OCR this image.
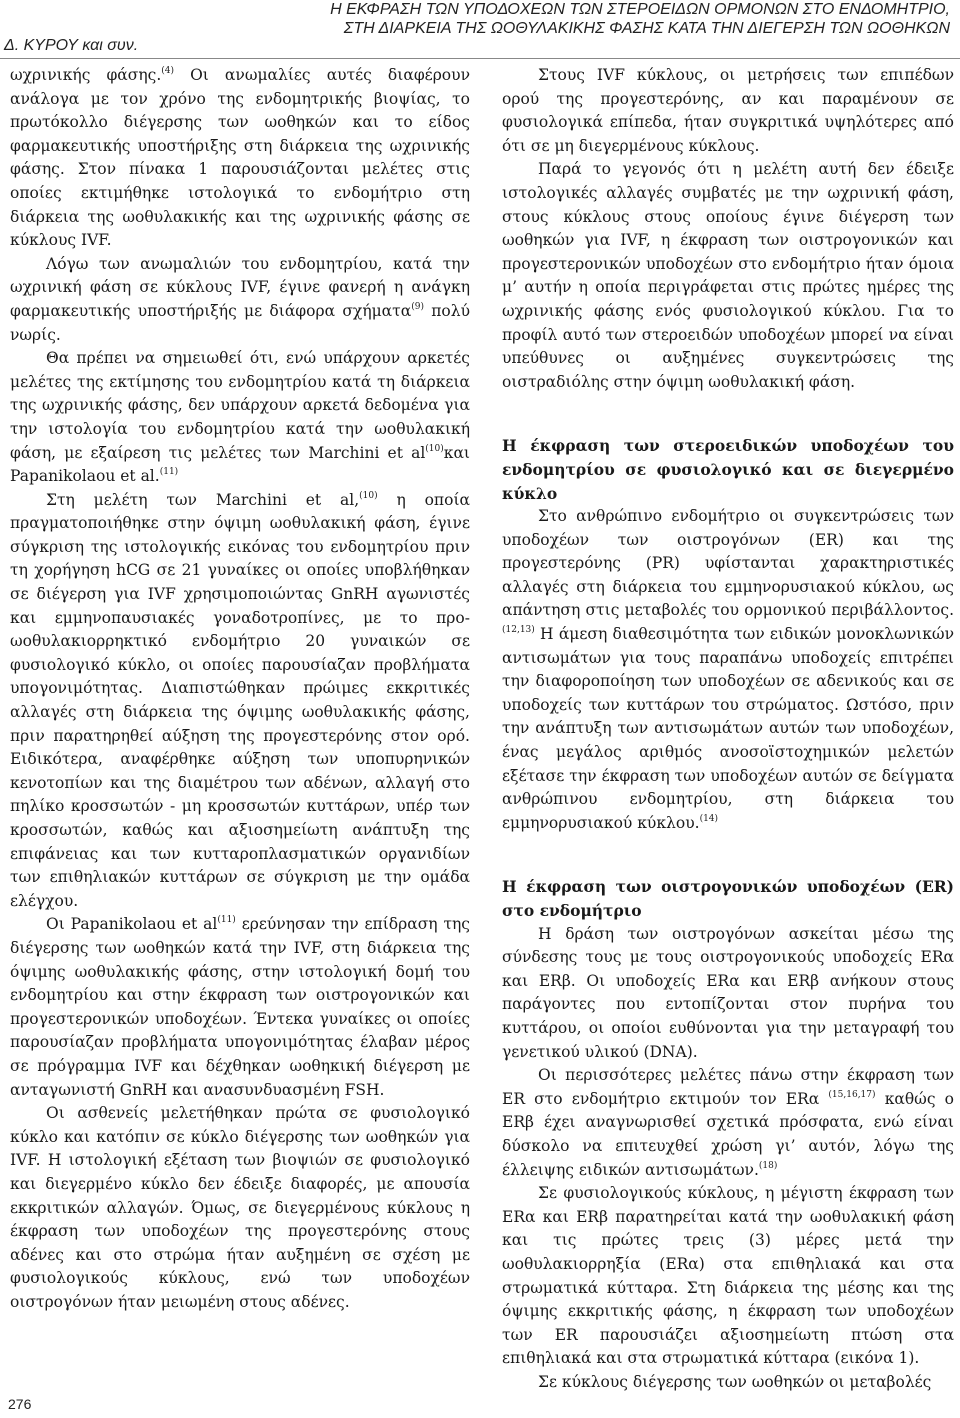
Δ. ΚΥΡΟΥ και συν.
Η ΕΚΦΡΑΣΗ ΤΩΝ ΥΠΟΔΟΧΕΩΝ ΤΩΝ ΣΤΕΡΟΕΙΔΩΝ ΟΡΜΟΝΩΝ ΣΤΟ ΕΝΔΟΜΗΤΡΙΟ,
ΣΤΗ ΔΙΑΡΚΕΙΑ ΤΗΣ ΩΟΘΥΛΑΚΙΚΗΣ ΦΑΣΗΣ ΚΑΤΑ ΤΗΝ ΔΙΕΓΕΡΣΗ ΤΩΝ ΩΟΘΗΚΩΝ

ωχρινικής φάσης.$^{(4)}$ Οι ανωμαλίες αυτές διαφέρουν ανάλογα με τον χρόνο της ενδομητρικής βιοψίας, το πρωτόκολλο διέγερσης των ωοθηκών και το είδος φαρμακευτικής υποστήριξης στη διάρκεια της ωχρινικής φάσης. Στον πίνακα 1 παρουσιάζονται μελέτες στις οποίες εκτιμήθηκε ιστολογικά το ενδομήτριο στη διάρκεια της ωοθυλακικής και της ωχρινικής φάσης σε κύκλους IVF.

Λόγω των ανωμαλιών του ενδομητρίου, κατά την ωχρινική φάση σε κύκλους IVF, έγινε φανερή η ανάγκη φαρμακευτικής υποστήριξής με διάφορα σχήματα$^{(9)}$ πολύ νωρίς.

Θα πρέπει να σημειωθεί ότι, ενώ υπάρχουν αρκετές μελέτες της εκτίμησης του ενδομητρίου κατά τη διάρκεια της ωχρινικής φάσης, δεν υπάρχουν αρκετά δεδομένα για την ιστολογία του ενδομητρίου κατά την ωοθυλακική φάση, με εξαίρεση τις μελέτες των Marchini et $al^{(10)}\kappa\alpha\iota$ Papanikolaou et al.$^{(11)}$

Στη μελέτη των Marchini et al,$^{(10)}$ η οποία πραγματοποιήθηκε στην όψιμη ωοθυλακική φάση, έγινε σύγκριση της ιστολογικής εικόνας του ενδομητρίου πριν τη χορήγηση hCG σε 21 γυναίκες οι οποίες υποβλήθηκαν σε διέγερση για IVF χρησιμοποιώντας GnRH αγωνιστές και εμμηνοπαυσιακές γοναδοτροπίνες, με το προ-ωοθυλακιορρηκτικό ενδομήτριο 20 γυναικών σε φυσιολογικό κύκλο, οι οποίες παρουσίαζαν προβλήματα υπογονιμότητας. Διαπιστώθηκαν πρώιμες εκκριτικές αλλαγές στη διάρκεια της όψιμης ωοθυλακικής φάσης, πριν παρατηρηθεί αύξηση της προγεστερόνης στον ορό. Ειδικότερα, αναφέρθηκε αύξηση των υποπυρηνικών κενοτοπίων και της διαμέτρου των αδένων, αλλαγή στο πηλίκο κροσσωτών - μη κροσσωτών κυττάρων, υπέρ των κροσσωτών, καθώς και αξιοσημείωτη ανάπτυξη της επιφάνειας και των κυτταροπλασματικών οργανιδίων των επιθηλιακών κυττάρων σε σύγκριση με την ομάδα ελέγχου.

Οι Papanikolaou et $al^{(11)}$ ερεύνησαν την επίδραση της διέγερσης των ωοθηκών κατά την IVF, στη διάρκεια της όψιμης ωοθυλακικής φάσης, στην ιστολογική δομή του ενδομητρίου και στην έκφραση των οιστρογονικών και προγεστερονικών υποδοχέων. Έντεκα γυναίκες οι οποίες παρουσίαζαν προβλήματα υπογονιμότητας έλαβαν μέρος σε πρόγραμμα IVF και δέχθηκαν ωοθηκική διέγερση με ανταγωνιστή GnRH και ανασυνδυασμένη FSH.

Οι ασθενείς μελετήθηκαν πρώτα σε φυσιολογικό κύκλο και κατόπιν σε κύκλο διέγερσης των ωοθηκών για IVF. Η ιστολογική εξέταση των βιοψιών σε φυσιολογικό και διεγερμένο κύκλο δεν έδειξε διαφορές, με απουσία εκκριτικών αλλαγών. Όμως, σε διεγερμένους κύκλους η έκφραση των υποδοχέων της προγεστερόνης στους αδένες και στο στρώμα ήταν αυξημένη σε σχέση με φυσιολογικούς κύκλους, ενώ των υποδοχέων οιστρογόνων ήταν μειωμένη στους αδένες.

Στους IVF κύκλους, οι μετρήσεις των επιπέδων ορού της προγεστερόνης, αν και παραμένουν σε φυσιολογικά επίπεδα, ήταν συγκριτικά υψηλότερες από ότι σε μη διεγερμένους κύκλους.

Παρά το γεγονός ότι η μελέτη αυτή δεν έδειξε ιστολογικές αλλαγές συμβατές με την ωχρινική φάση, στους κύκλους στους οποίους έγινε διέγερση των ωοθηκών για IVF, η έκφραση των οιστρογονικών και προγεστερονικών υποδοχέων στο ενδομήτριο ήταν όμοια μ’ αυτήν η οποία περιγράφεται στις πρώτες ημέρες της ωχρινικής φάσης ενός φυσιολογικού κύκλου. Για το προφίλ αυτό των στεροειδών υποδοχέων μπορεί να είναι υπεύθυνες οι αυξημένες συγκεντρώσεις της οιστραδιόλης στην όψιμη ωοθυλακική φάση.

Η έκφραση των στεροειδικών υποδοχέων του ενδομητρίου σε φυσιολογικό και σε διεγερμένο κύκλο

Στο ανθρώπινο ενδομήτριο οι συγκεντρώσεις των υποδοχέων των οιστρογόνων (ER) και της προγεστερόνης (PR) υφίστανται χαρακτηριστικές αλλαγές στη διάρκεια του εμμηνορυσιακού κύκλου, ως απάντηση στις μεταβολές του ορμονικού περιβάλλοντος.$^{(12,13)}$ Η άμεση διαθεσιμότητα των ειδικών μονοκλωνικών αντισωμάτων για τους παραπάνω υποδοχείς επιτρέπει την διαφοροποίηση των υποδοχέων σε αδενικούς και σε υποδοχείς των κυττάρων του στρώματος. Ωστόσο, πριν την ανάπτυξη των αντισωμάτων αυτών των υποδοχέων, ένας μεγάλος αριθμός ανοσοϊστοχημικών μελετών εξέτασε την έκφραση των υποδοχέων αυτών σε δείγματα ανθρώπινου ενδομητρίου, στη διάρκεια του εμμηνορυσιακού κύκλου.$^{(14)}$

Η έκφραση των οιστρογονικών υποδοχέων (ER) στο ενδομήτριο

Η δράση των οιστρογόνων ασκείται μέσω της σύνδεσης τους με τους οιστρογονικούς υποδοχείς ERα και ERβ. Οι υποδοχείς ERα και ERβ ανήκουν στους παράγοντες που εντοπίζονται στον πυρήνα του κυττάρου, οι οποίοι ευθύνονται για την μεταγραφή του γενετικού υλικού (DNA).

Οι περισσότερες μελέτες πάνω στην έκφραση των ER στο ενδομήτριο εκτιμούν τον ERα $^{(15,16,17)}$ καθώς ο ERβ έχει αναγνωρισθεί σχετικά πρόσφατα, ενώ είναι δύσκολο να επιτευχθεί χρώση γι’ αυτόν, λόγω της έλλειψης ειδικών αντισωμάτων.$^{(18)}$

Σε φυσιολογικούς κύκλους, η μέγιστη έκφραση των ERα και ERβ παρατηρείται κατά την ωοθυλακική φάση και τις πρώτες τρεις (3) μέρες μετά την ωοθυλακιορρηξία (ERα) στα επιθηλιακά και στα στρωματικά κύτταρα. Στη διάρκεια της μέσης και της όψιμης εκκριτικής φάσης, η έκφραση των υποδοχέων των ER παρουσιάζει αξιοσημείωτη πτώση στα επιθηλιακά και στα στρωματικά κύτταρα (εικόνα 1).

Σε κύκλους διέγερσης των ωοθηκών οι μεταβολές

276
